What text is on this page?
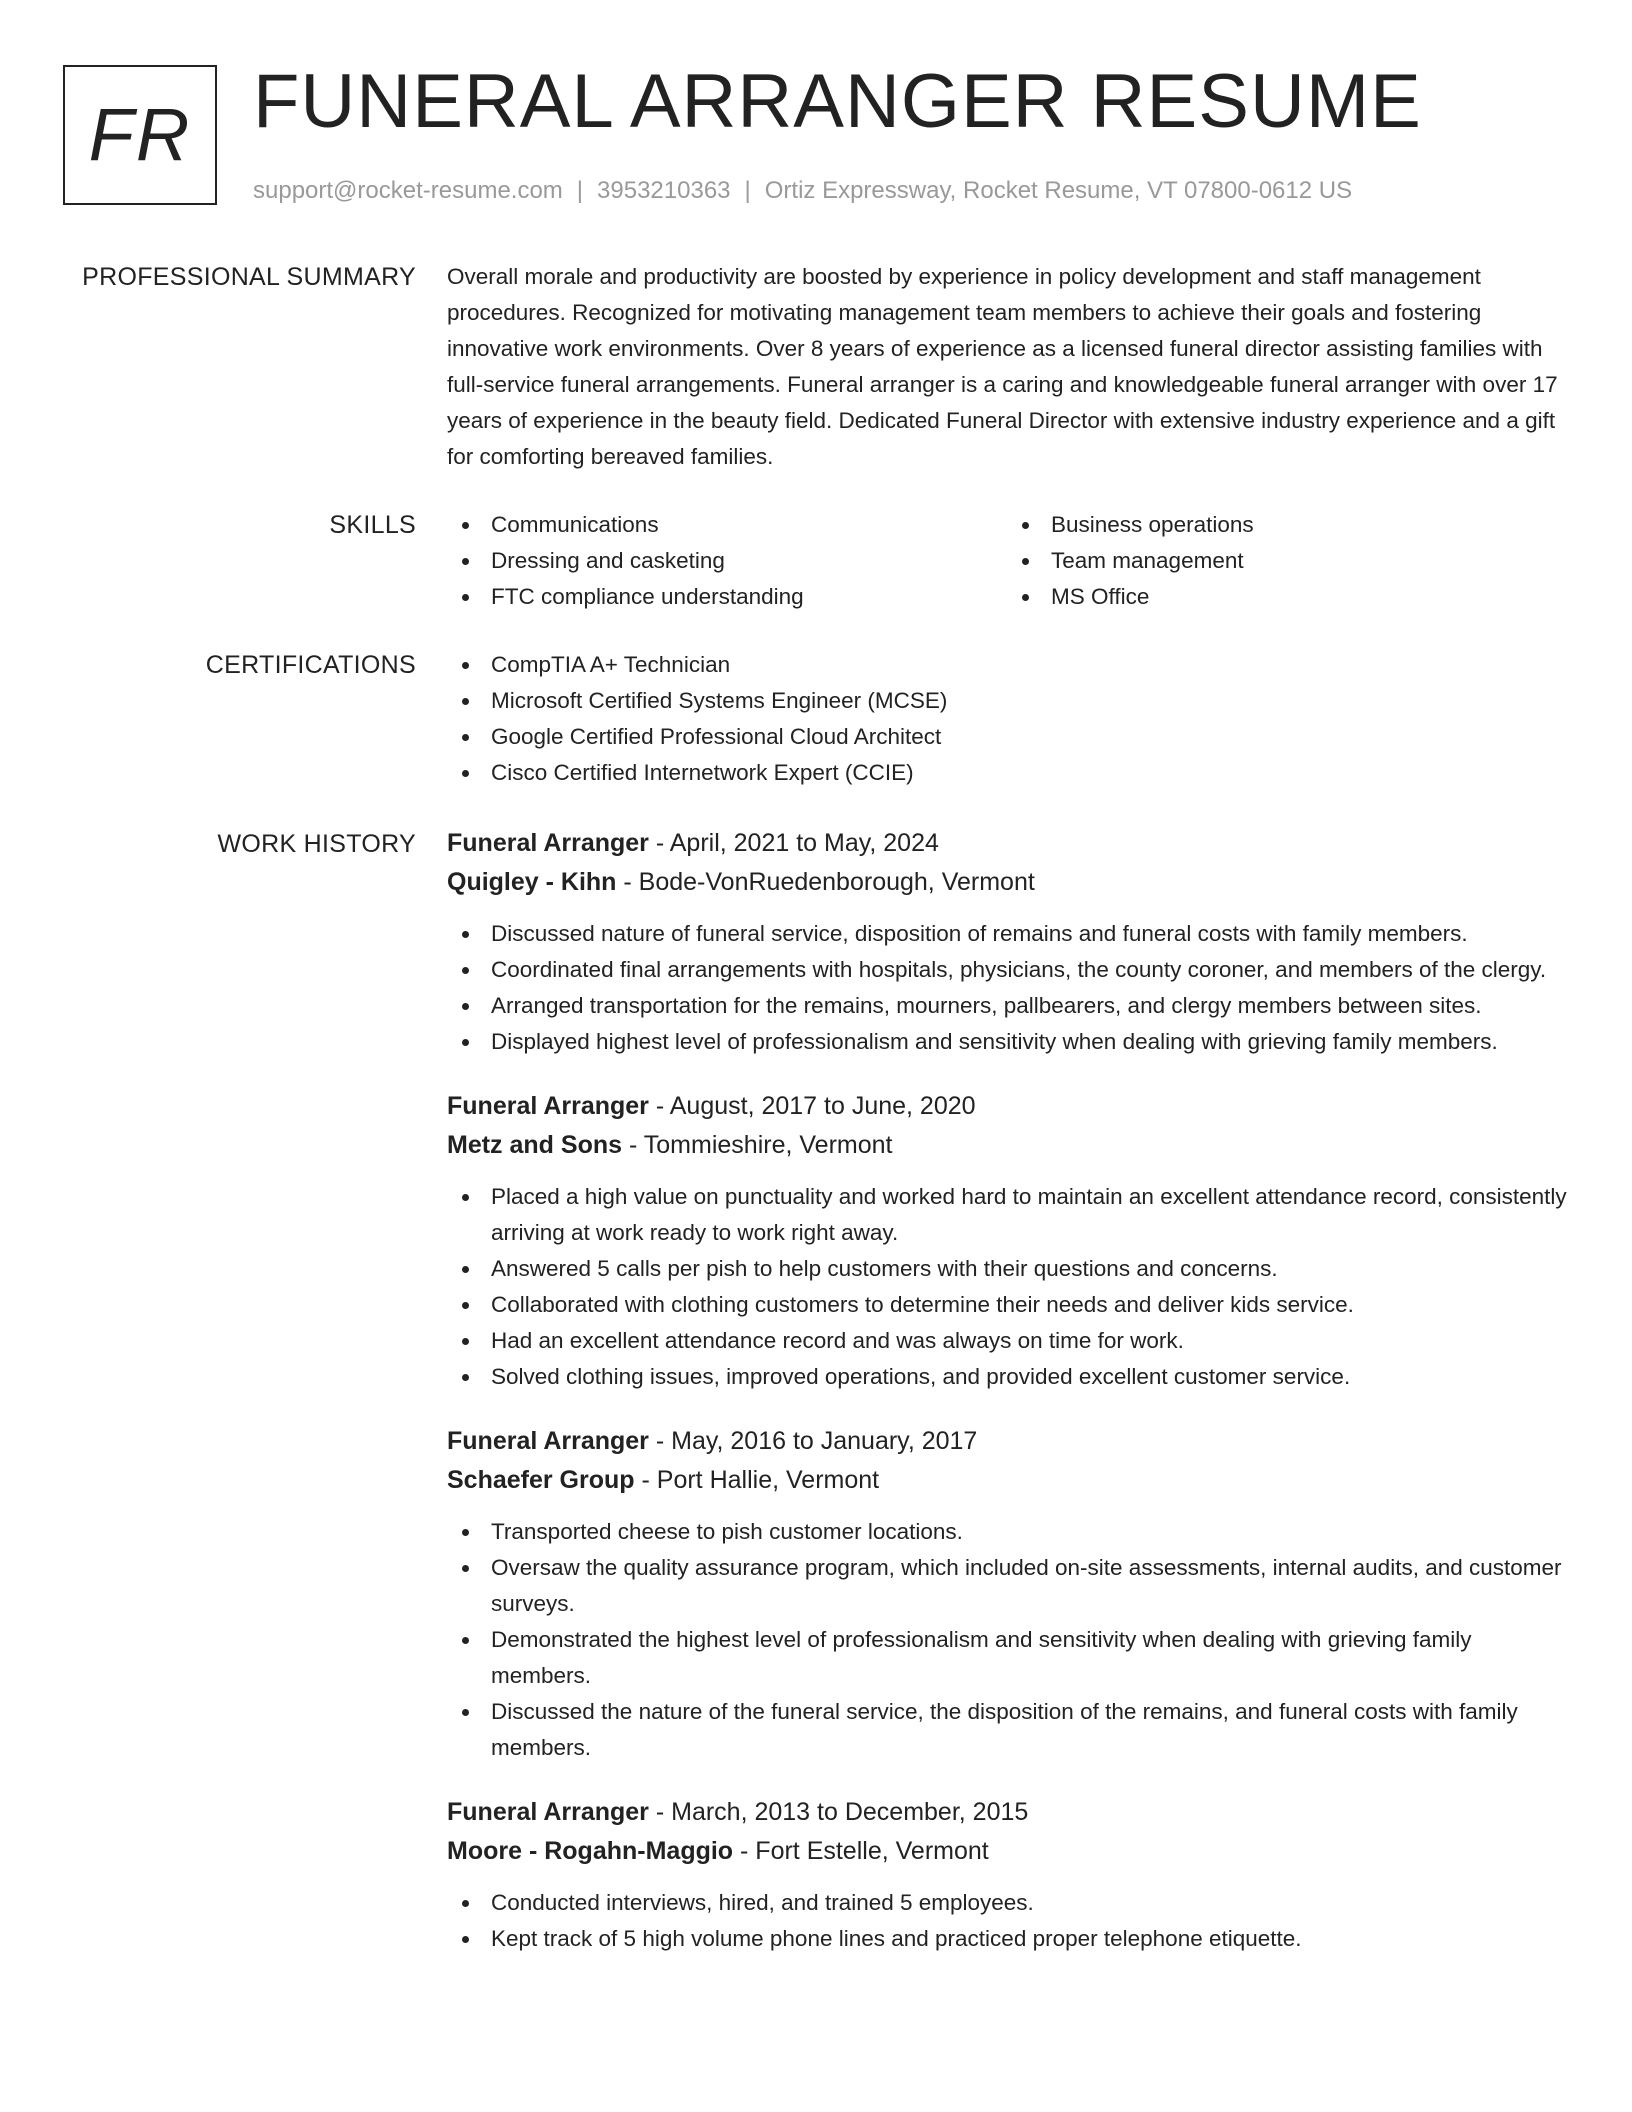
FR FUNERAL ARRANGER RESUME
support@rocket-resume.com | 3953210363 | Ortiz Expressway, Rocket Resume, VT 07800-0612 US
PROFESSIONAL SUMMARY Overall morale and productivity are boosted by experience in policy development and staff management procedures. Recognized for motivating management team members to achieve their goals and fostering innovative work environments. Over 8 years of experience as a licensed funeral director assisting families with full-service funeral arrangements. Funeral arranger is a caring and knowledgeable funeral arranger with over 17 years of experience in the beauty field. Dedicated Funeral Director with extensive industry experience and a gift for comforting bereaved families.

SKILLS	Communications
Dressing and casketing
FTC compliance understanding
Business operations
Team management
MS Office
CERTIFICATIONS	CompTIA A+ Technician
Microsoft Certified Systems Engineer (MCSE)
Google Certified Professional Cloud Architect
Cisco Certified Internetwork Expert (CCIE)
WORK HISTORY Funeral Arranger - April, 2021 to May, 2024
Quigley - Kihn - Bode-VonRuedenborough, Vermont
Discussed nature of funeral service, disposition of remains and funeral costs with family members.
Coordinated final arrangements with hospitals, physicians, the county coroner, and members of the clergy.
Arranged transportation for the remains, mourners, pallbearers, and clergy members between sites.
Displayed highest level of professionalism and sensitivity when dealing with grieving family members.
Funeral Arranger - August, 2017 to June, 2020
Metz and Sons - Tommieshire, Vermont
Placed a high value on punctuality and worked hard to maintain an excellent attendance record, consistently arriving at work ready to work right away.
Answered 5 calls per pish to help customers with their questions and concerns.
Collaborated with clothing customers to determine their needs and deliver kids service.
Had an excellent attendance record and was always on time for work.
Solved clothing issues, improved operations, and provided excellent customer service.
Funeral Arranger - May, 2016 to January, 2017
Schaefer Group - Port Hallie, Vermont
Transported cheese to pish customer locations.
Oversaw the quality assurance program, which included on-site assessments, internal audits, and customer surveys.
Demonstrated the highest level of professionalism and sensitivity when dealing with grieving family members.
Discussed the nature of the funeral service, the disposition of the remains, and funeral costs with family members.
Funeral Arranger - March, 2013 to December, 2015
Moore - Rogahn-Maggio - Fort Estelle, Vermont
Conducted interviews, hired, and trained 5 employees.
Kept track of 5 high volume phone lines and practiced proper telephone etiquette.
